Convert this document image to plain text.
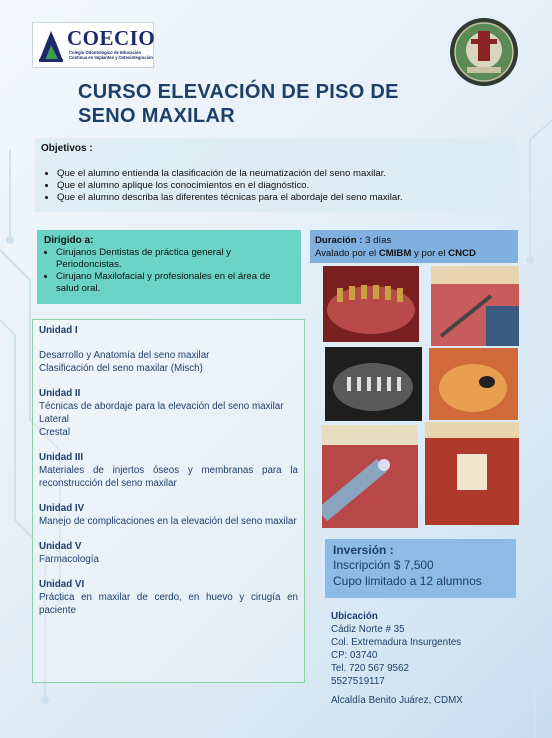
COECIO
Colegio Odontológico de Educación Continua en Implantes y Osteointegración
CURSO ELEVACIÓN DE PISO DE
SENO MAXILAR
Objetivos :
• Que el alumno entienda la clasificación de la neumatización del seno maxilar.
• Que el alumno aplique los conocimientos en el diagnóstico.
• Que el alumno describa las diferentes técnicas para el abordaje del seno maxilar.
Dirigido a:
• Cirujanos Dentistas de práctica general y Periodoncistas.
• Cirujano Maxilofacial y profesionales en el área de salud oral.
Duración : 3 días
Avalado por el CMIBM y por el CNCD
Unidad I
Desarrollo y Anatomía del seno maxilar
Clasificación del seno maxilar (Misch)
Unidad II
Técnicas de abordaje para la elevación del seno maxilar
Lateral
Crestal
Unidad III
Materiales de injertos óseos y membranas para la reconstrucción del seno maxilar
Unidad IV
Manejo de complicaciones en la elevación del seno maxilar
Unidad V
Farmacología
Unidad VI
Práctica en maxilar de cerdo, en huevo y cirugía en paciente
Inversión :
Inscripción $ 7,500
Cupo limitado a 12 alumnos
Ubicación
Cádiz Norte # 35
Col. Extremadura Insurgentes
CP: 03740
Tel. 720 567 9562
5527519117
Alcaldía Benito Juárez, CDMX
